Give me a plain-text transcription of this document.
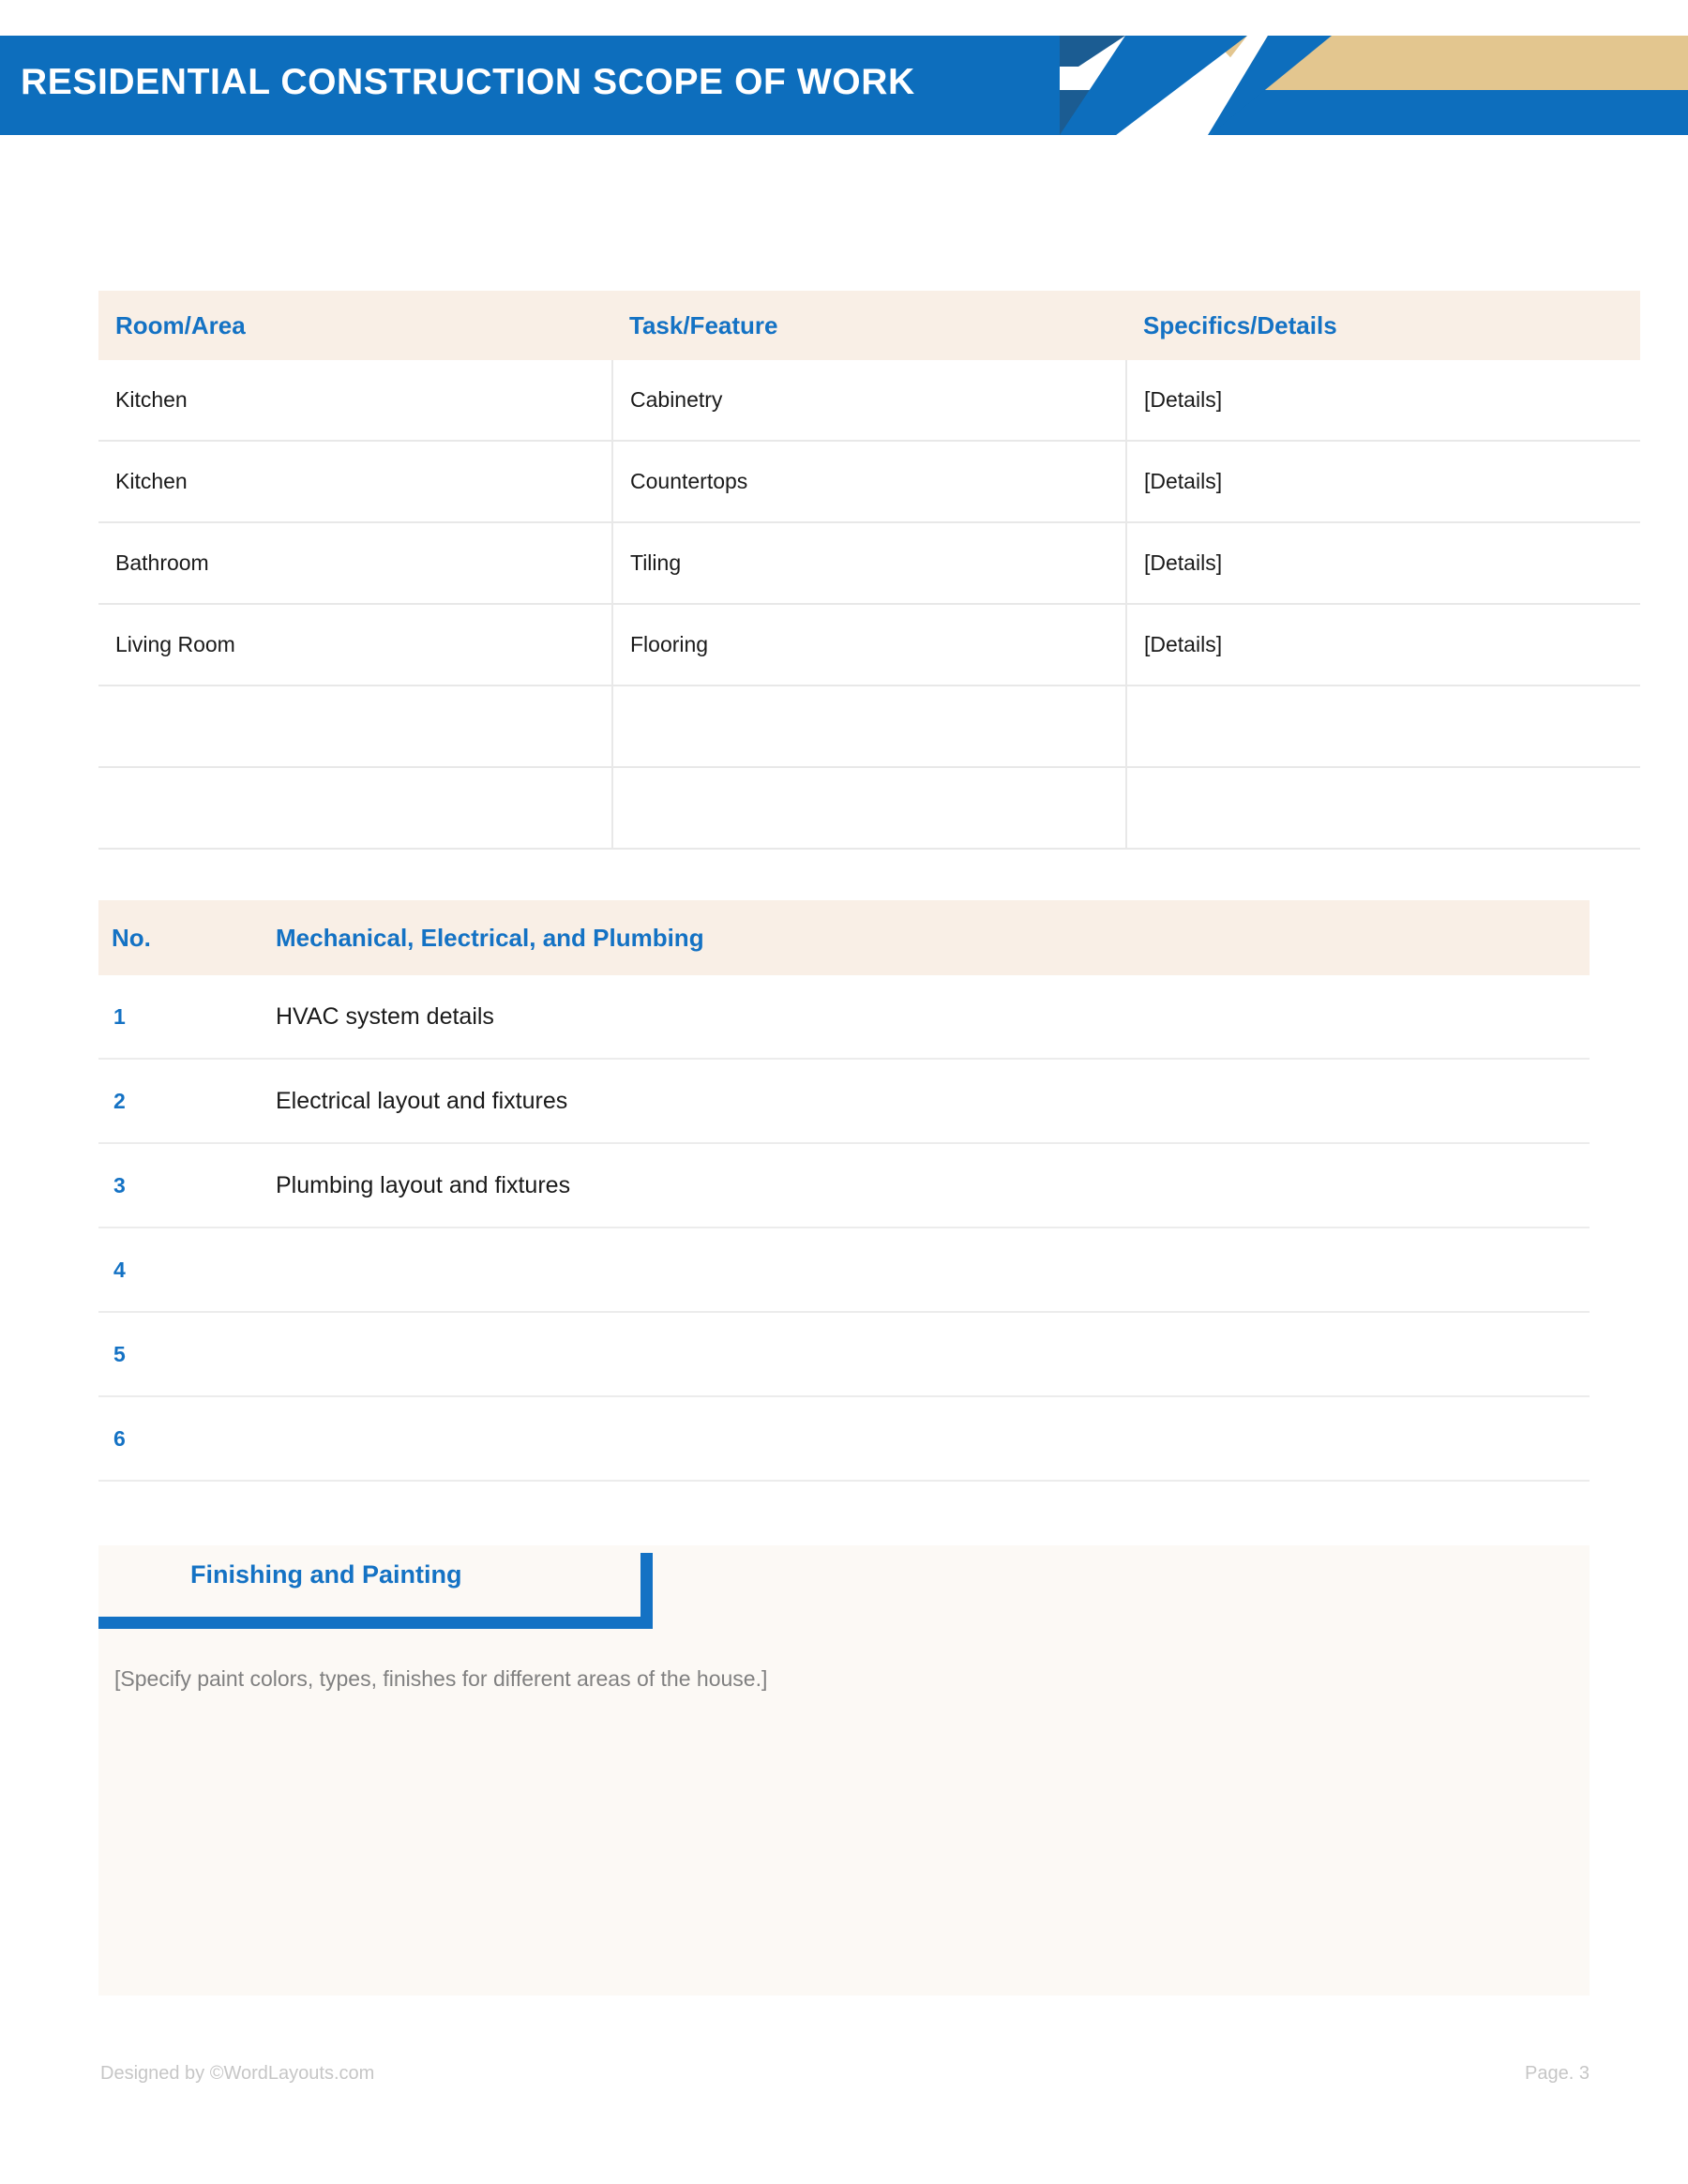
RESIDENTIAL CONSTRUCTION SCOPE OF WORK
Room/Area	Task/Feature	Specifics/Details
Kitchen	Cabinetry	[Details]
Kitchen	Countertops	[Details]
Bathroom	Tiling	[Details]
Living Room	Flooring	[Details]

No.	Mechanical, Electrical, and Plumbing
1	HVAC system details
2	Electrical layout and fixtures
3	Plumbing layout and fixtures
4	
5	
6	
Finishing and Painting
[Specify paint colors, types, finishes for different areas of the house.]
Designed by ©WordLayouts.com	Page. 3
